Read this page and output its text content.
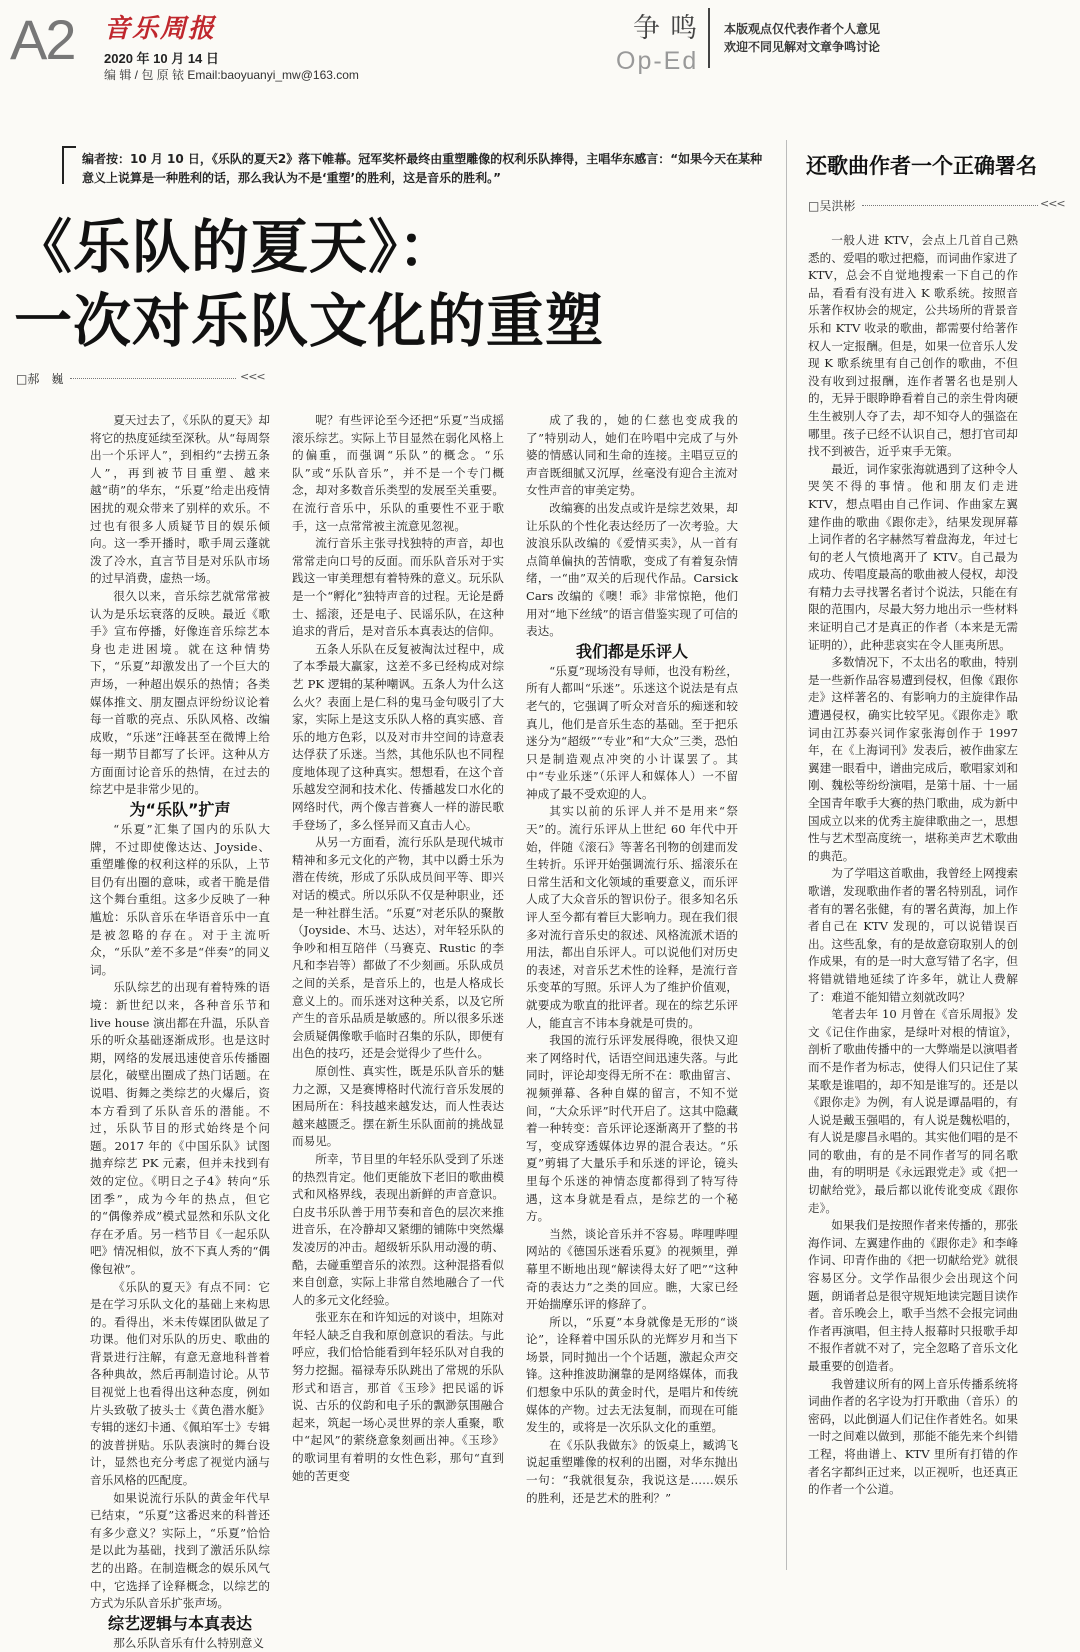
A2 音乐周报
2020 年 10 月 14 日
编 辑 / 包 原 铱 Email:baoyuanyi_mw@163.com
争鸣
Op-Ed
本版观点仅代表作者个人意见
欢迎不同见解对文章争鸣讨论
编者按：10 月 10 日，《乐队的夏天2》落下帷幕。冠军奖杯最终由重塑雕像的权利乐队捧得，主唱华东感言：“如果今天在某种意义上说算是一种胜利的话，那么我认为不是‘重塑’的胜利，这是音乐的胜利。”
《乐队的夏天》：
一次对乐队文化的重塑
□郝　巍	<<<

夏天过去了，《乐队的夏天》却将它的热度延续至深秋。从“每周祭出一个乐评人”，到相约“去捞五条人”，再到被节目重塑、越来越“萌”的华东，“乐夏”给走出疫情困扰的观众带来了别样的欢乐。不过也有很多人质疑节目的娱乐倾向。这一季开播时，歌手周云蓬就泼了冷水，直言节目是对乐队市场的过早消费，虚热一场。

很久以来，音乐综艺就常常被认为是乐坛衰落的反映。最近《歌手》宣布停播，好像连音乐综艺本身也走进困境。就在这种情势下，“乐夏”却激发出了一个巨大的声场，一种超出娱乐的热情；各类媒体推文、朋友圈点评纷纷议论着每一首歌的亮点、乐队风格、改编成败，“乐迷”汪峰甚至在微博上给每一期节目都写了长评。这种从方方面面讨论音乐的热情，在过去的综艺中是非常少见的。

为“乐队”扩声

“乐夏”汇集了国内的乐队大牌，不过即使像达达、Joyside、重塑雕像的权利这样的乐队，上节目仍有出圈的意味，或者干脆是借这个舞台重组。这多少反映了一种尴尬：乐队音乐在华语音乐中一直是被忽略的存在。对于主流听众，“乐队”差不多是“伴奏”的同义词。

乐队综艺的出现有着特殊的语境：新世纪以来，各种音乐节和 live house 演出都在升温，乐队音乐的听众基础逐渐成形。也是这时期，网络的发展迅速使音乐传播圈层化，破壁出圈成了热门话题。在说唱、街舞之类综艺的火爆后，资本方看到了乐队音乐的潜能。不过，乐队节目的形式始终是个问题。2017 年的《中国乐队》试图拋弃综艺 PK 元素，但并未找到有效的定位。《明日之子4》转向“乐团季”，成为今年的热点，但它的“偶像养成”模式显然和乐队文化存在矛盾。另一档节目《一起乐队吧》情况相似，放不下真人秀的“偶像包袱”。

《乐队的夏天》有点不同：它是在学习乐队文化的基础上来构思的。看得出，米未传媒团队做足了功课。他们对乐队的历史、歌曲的背景进行注解，有意无意地科普着各种典故，然后再制造讨论。从节目视觉上也看得出这种态度，例如片头致敬了披头士《黄色潜水艇》专辑的迷幻卡通、《佩珀军士》专辑的波普拼贴。乐队表演时的舞台设计，显然也充分考虑了视觉内涵与音乐风格的匹配度。

如果说流行乐队的黄金年代早已结束，“乐夏”这番迟来的科普还有多少意义？实际上，“乐夏”恰恰是以此为基础，找到了激活乐队综艺的出路。在制造概念的娱乐风气中，它选择了诠释概念，以综艺的方式为乐队音乐扩张声场。

综艺逻辑与本真表达

那么乐队音乐有什么特别意义

呢？有些评论至今还把“乐夏”当成摇滚乐综艺。实际上节目显然在弱化风格上的偏重，而强调“乐队”的概念。“乐队”或“乐队音乐”，并不是一个专门概念，却对多数音乐类型的发展至关重要。在流行音乐中，乐队的重要性不亚于歌手，这一点常常被主流意见忽视。

流行音乐主张寻找独特的声音，却也常常走向口号的反面。而乐队音乐对于实践这一审美理想有着特殊的意义。玩乐队是一个“孵化”独特声音的过程。无论是爵士、摇滚，还是电子、民谣乐队，在这种追求的背后，是对音乐本真表达的信仰。

五条人乐队在反复被淘汰过程中，成了本季最大赢家，这差不多已经构成对综艺 PK 逻辑的某种嘲讽。五条人为什么这么火？表面上是仁科的鬼马金句吸引了大家，实际上是这支乐队人格的真实感、音乐的地方色彩，以及对市井空间的诗意表达俘获了乐迷。当然，其他乐队也不同程度地体现了这种真实。想想看，在这个音乐越发空洞和技术化、传播越发口水化的网络时代，两个像吉普赛人一样的游民歌手登场了，多么怪异而又直击人心。

从另一方面看，流行乐队是现代城市精神和多元文化的产物，其中以爵士乐为潜在传统，形成了乐队成员间平等、即兴对话的模式。所以乐队不仅是种职业，还是一种社群生活。“乐夏”对老乐队的聚散（Joyside、木马、达达），对年轻乐队的争吵和相互陪伴（马赛克、Rustic 的李凡和李岩等）都做了不少刻画。乐队成员之间的关系，是音乐上的，也是人格成长意义上的。而乐迷对这种关系，以及它所产生的音乐品质是敏感的。所以很多乐迷会质疑偶像歌手临时召集的乐队，即便有出色的技巧，还是会觉得少了些什么。

原创性、真实性，既是乐队音乐的魅力之源，又是赛博格时代流行音乐发展的困局所在：科技越来越发达，而人性表达越来越匮乏。摆在新生乐队面前的挑战显而易见。

所幸，节目里的年轻乐队受到了乐迷的热烈肯定。他们更能放下老旧的歌曲模式和风格界线，表现出新鲜的声音意识。白皮书乐队善于用节奏和音色的层次来推进音乐，在冷静却又紧绷的铺陈中突然爆发凌厉的冲击。超级斩乐队用动漫的萌、酷，去碰重塑音乐的浓烈。这种混搭看似来自创意，实际上非常自然地融合了一代人的多元文化经验。

张亚东在和许知远的对谈中，坦陈对年轻人缺乏自我和原创意识的看法。与此呼应，我们恰恰能看到年轻乐队对自我的努力挖掘。福禄寿乐队跳出了常规的乐队形式和语言，那首《玉珍》把民谣的诉说、古乐的仪韵和电子乐的飘渺氛围融合起来，筑起一场心灵世界的亲人重聚，歌中“起风”的萦绕意象刻画出神。《玉珍》的歌词里有着明的女性色彩，那句“直到她的苦更变

成了我的，她的仁慈也变成我的了”特别动人，她们在吟唱中完成了与外婆的情感认同和生命的连接。主唱豆豆的声音既细腻又沉厚，丝毫没有迎合主流对女性声音的审美定势。

改编赛的出发点或许是综艺效果，却让乐队的个性化表达经历了一次考验。大波浪乐队改编的《爱情买卖》，从一首有点简单偏执的苦情歌，变成了有着复杂情绪，一“曲”双关的后现代作品。Carsick Cars 改编的《噢！乖》非常惊艳，他们用对“地下丝绒”的语言借鉴实现了可信的表达。

我们都是乐评人

“乐夏”现场没有导师，也没有粉丝，所有人都叫“乐迷”。乐迷这个说法是有点老气的，它强调了听众对音乐的痴迷和较真儿，他们是音乐生态的基础。至于把乐迷分为“超级”“专业”和“大众”三类，恐怕只是制造观点冲突的小计谋罢了。其中“专业乐迷”（乐评人和媒体人）一不留神成了最不受欢迎的人。

其实以前的乐评人并不是用来“祭天”的。流行乐评从上世纪 60 年代中开始，伴随《滚石》等著名刊物的创建而发生转折。乐评开始强调流行乐、摇滚乐在日常生活和文化领域的重要意义，而乐评人成了大众音乐的智识份子。很多知名乐评人至今都有着巨大影响力。现在我们很多对流行音乐史的叙述、风格流派术语的用法，都出自乐评人。可以说他们对历史的表述，对音乐艺术性的诠释，是流行音乐变革的写照。乐评人为了维护价值观，就要成为歌直的批评者。现在的综艺乐评人，能直言不讳本身就是可贵的。

我国的流行乐评发展得晚，很快又迎来了网络时代，话语空间迅速失落。与此同时，评论却变得无所不在：歌曲留言、视频弹幕、各种自媒的留言，不知不觉间，“大众乐评”时代开启了。这其中隐藏着一种转变：音乐评论逐渐离开了整的书写，变成穿透媒体边界的混合表达。“乐夏”剪辑了大量乐手和乐迷的评论，镜头里每个乐迷的神情态度都得到了特写待遇，这本身就是看点，是综艺的一个秘方。

当然，谈论音乐并不容易。哔哩哔哩网站的《德国乐迷看乐夏》的视频里，弹幕里不断地出现“解读得太好了吧”“这种奇的表达力”之类的回应。瞧，大家已经开始揣摩乐评的修辞了。

所以，“乐夏”本身就像是无形的“谈论”，诠释着中国乐队的光辉岁月和当下场景，同时抛出一个个话题，激起众声交锋。这种推波助澜靠的是网络媒体，而我们想象中乐队的黄金时代，是唱片和传统媒体的产物。过去无法复制，而现在可能发生的，或将是一次乐队文化的重塑。

在《乐队我做东》的饭桌上，臧鸿飞说起重塑雕像的权利的出圈，对华东抛出一句：“我就很复杂，我说这是……娱乐的胜利，还是艺术的胜利？”

还歌曲作者一个正确署名
□吴洪彬	<<<

一般人进 KTV，会点上几首自己熟悉的、爱唱的歌过把瘾，而词曲作家进了 KTV，总会不自觉地搜索一下自己的作品，看看有没有进入 K 歌系统。按照音乐著作权协会的规定，公共场所的背景音乐和 KTV 收录的歌曲，都需要付给著作权人一定报酬。但是，如果一位音乐人发现 K 歌系统里有自己创作的歌曲，不但没有收到过报酬，连作者署名也是别人的，无异于眼睁睁看着自己的亲生骨肉硬生生被别人夺了去，却不知夺人的强盗在哪里。孩子已经不认识自己，想打官司却找不到被告，近乎束手无策。

最近，词作家张海就遇到了这种令人哭笑不得的事情。他和朋友们走进 KTV，想点唱由自己作词、作曲家左翼建作曲的歌曲《跟你走》，结果发现屏幕上词作者的名字赫然写着盘海龙，年过七旬的老人气愤地离开了 KTV。自己最为成功、传唱度最高的歌曲被人侵权，却没有精力去寻找署名者讨个说法，只能在有限的范围内，尽最大努力地出示一些材料来证明自己才是真正的作者（本来是无需证明的），此种悲哀实在令人匪夷所思。

多数情况下，不太出名的歌曲，特别是一些新作品容易遭到侵权，但像《跟你走》这样著名的、有影响力的主旋律作品遭遇侵权，确实比较罕见。《跟你走》歌词由江苏泰兴词作家张海创作于 1997 年，在《上海词刊》发表后，被作曲家左翼建一眼看中，谱曲完成后，歌唱家刘和刚、魏松等纷纷演唱，是第十届、十一届全国青年歌手大赛的热门歌曲，成为新中国成立以来的优秀主旋律歌曲之一，思想性与艺术型高度统一，堪称美声艺术歌曲的典范。

为了学唱这首歌曲，我曾经上网搜索歌谱，发现歌曲作者的署名特别乱，词作者有的署名张健，有的署名黄海，加上作者自己在 KTV 发现的，可以说错误百出。这些乱象，有的是故意窃取别人的创作成果，有的是一时大意写错了名字，但将错就错地延续了许多年，就让人费解了：难道不能知错立刻就改吗？

笔者去年 10 月曾在《音乐周报》发文《记住作曲家，是绿叶对根的情谊》，剖析了歌曲传播中的一大弊端是以演唱者而不是作者为标志，使得人们只记住了某某歌是谁唱的，却不知是谁写的。还是以《跟你走》为例，有人说是谭晶唱的，有人说是戴玉强唱的，有人说是魏松唱的，有人说是廖昌永唱的。其实他们唱的是不同的歌曲，有的是不同作者写的同名歌曲，有的明明是《永远跟党走》或《把一切献给党》，最后都以讹传讹变成《跟你走》。

如果我们是按照作者来传播的，那张海作词、左翼建作曲的《跟你走》和李峰作词、印青作曲的《把一切献给党》就很容易区分。文学作品很少会出现这个问题，朗诵者总是很守规矩地读完题目读作者。音乐晚会上，歌手当然不会报完词曲作者再演唱，但主持人报幕时只报歌手却不报作者就不对了，完全忽略了音乐文化最重要的创造者。

我曾建议所有的网上音乐传播系统将词曲作者的名字设为打开歌曲（音乐）的密码，以此倒逼人们记住作者姓名。如果一时之间难以做到，那能不能先来个纠错工程，将曲谱上、KTV 里所有打错的作者名字都纠正过来，以正视听，也还真正的作者一个公道。
